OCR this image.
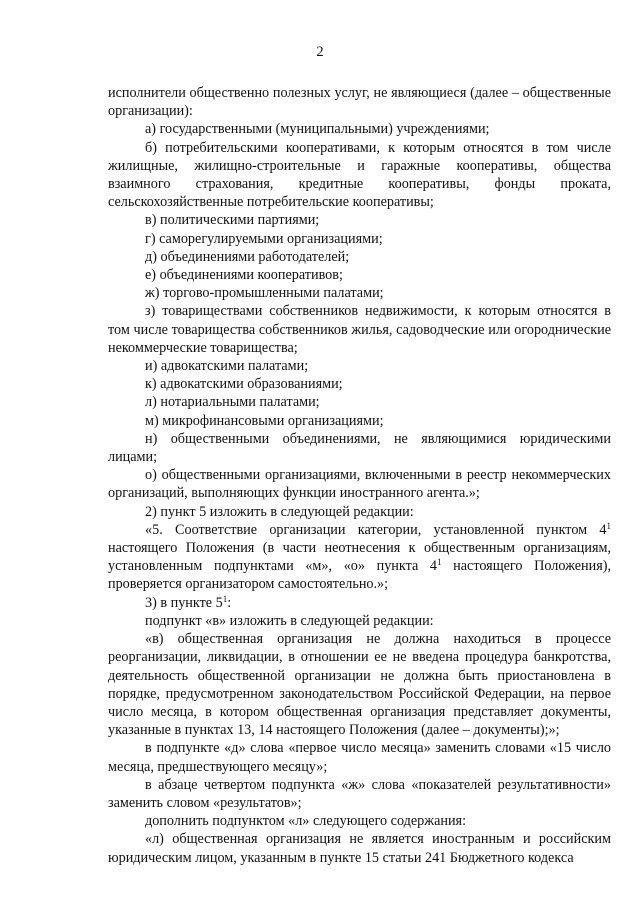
2

исполнители общественно полезных услуг, не являющиеся (далее – общественные организации):

а) государственными (муниципальными) учреждениями;

б) потребительскими кооперативами, к которым относятся в том числе жилищные, жилищно-строительные и гаражные кооперативы, общества взаимного страхования, кредитные кооперативы, фонды проката, сельскохозяйственные потребительские кооперативы;

в) политическими партиями;

г) саморегулируемыми организациями;

д) объединениями работодателей;

е) объединениями кооперативов;

ж) торгово-промышленными палатами;

з) товариществами собственников недвижимости, к которым относятся в том числе товарищества собственников жилья, садоводческие или огороднические некоммерческие товарищества;

и) адвокатскими палатами;

к) адвокатскими образованиями;

л) нотариальными палатами;

м) микрофинансовыми организациями;

н) общественными объединениями, не являющимися юридическими лицами;

о) общественными организациями, включенными в реестр некоммерческих организаций, выполняющих функции иностранного агента.»;

2) пункт 5 изложить в следующей редакции:

«5. Соответствие организации категории, установленной пунктом $4^1$ настоящего Положения (в части неотнесения к общественным организациям, установленным подпунктами «м», «о» пункта $4^1$ настоящего Положения), проверяется организатором самостоятельно.»;

3) в пункте $5^1$:

подпункт «в» изложить в следующей редакции:

«в) общественная организация не должна находиться в процессе реорганизации, ликвидации, в отношении ее не введена процедура банкротства, деятельность общественной организации не должна быть приостановлена в порядке, предусмотренном законодательством Российской Федерации, на первое число месяца, в котором общественная организация представляет документы, указанные в пунктах 13, 14 настоящего Положения (далее – документы);»;

в подпункте «д» слова «первое число месяца» заменить словами «15 число месяца, предшествующего месяцу»;

в абзаце четвертом подпункта «ж» слова «показателей результативности» заменить словом «результатов»;

дополнить подпунктом «л» следующего содержания:

«л) общественная организация не является иностранным и российским юридическим лицом, указанным в пункте 15 статьи 241 Бюджетного кодекса
